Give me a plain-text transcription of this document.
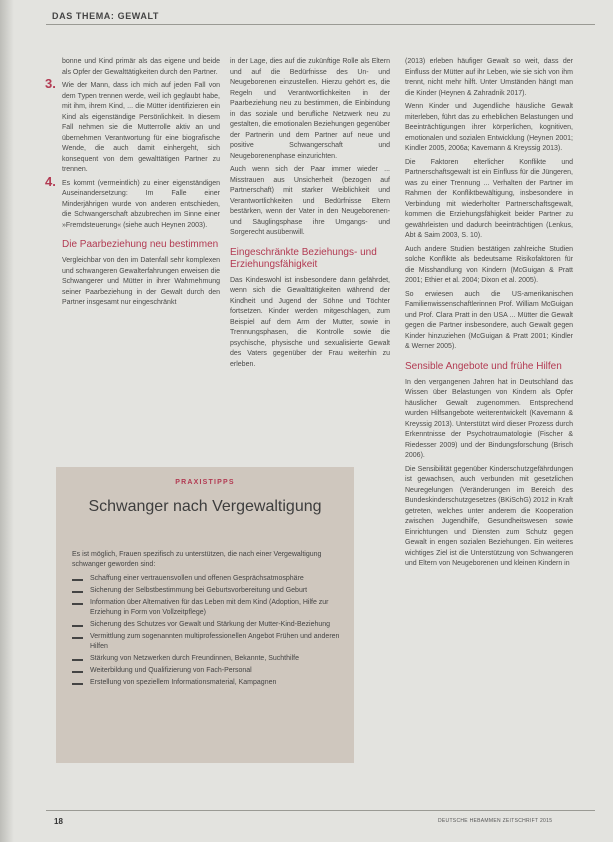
DAS THEMA: GEWALT

bonne und Kind primär als das eigene und beide als Opfer der Gewalttätigkeiten durch den Partner.

3. Wie der Mann, dass ich mich auf jeden Fall von dem Typen trennen werde, weil ich geglaubt habe, mit ihm, ihrem Kind, ... die Mütter identifizieren ein Kind als eigenständige Persönlichkeit. In diesem Fall nehmen sie die Mutterrolle aktiv an und übernehmen Verantwortung für eine biografische Wende, die auch damit einhergeht, sich konsequent von dem gewalttätigen Partner zu trennen.
4. Es kommt (vermeintlich) zu einer eigenständigen Auseinandersetzung: Im Falle einer Minderjährigen wurde von anderen entschieden, die Schwangerschaft abzubrechen im Sinne einer »Fremdsteuerung« (siehe auch Heynen 2003).
Die Paarbeziehung neu bestimmen

Vergleichbar von den im Datenfall sehr komplexen und schwangeren Gewalterfahrungen erweisen die Schwangerer und Mütter in ihrer Wahrnehmung seiner Paarbeziehung in der Gewalt durch den Partner insgesamt nur eingeschränkt

in der Lage, dies auf die zukünftige Rolle als Eltern und auf die Bedürfnisse des Un- und Neugeborenen einzustellen. Hierzu gehört es, die Regeln und Verantwortlichkeiten in der Paarbeziehung neu zu bestimmen, die Einbindung in das soziale und berufliche Netzwerk neu zu gestalten, die emotionalen Beziehungen gegenüber der Partnerin und dem Partner auf neue und positive Schwangerschaft und Neugeborenenphase einzurichten.

Auch wenn sich der Paar immer wieder ... Misstrauen aus Unsicherheit (bezogen auf Partnerschaft) mit starker Weiblichkeit und Verantwortlichkeiten und Bedürfnisse Eltern bestärken, wenn der Vater in den Neugeborenen- und Säuglingsphase ihre Umgangs- und Sorgerecht ausübenwill.

Eingeschränkte Beziehungs- und Erziehungsfähigkeit

Das Kindeswohl ist insbesondere dann gefährdet, wenn sich die Gewalttätigkeiten während der Kindheit und Jugend der Söhne und Töchter fortsetzen. Kinder werden mitgeschlagen, zum Beispiel auf dem Arm der Mutter, sowie in Trennungsphasen, die Kontrolle sowie die psychische, physische und sexualisierte Gewalt des Vaters gegenüber der Frau weiterhin zu erleben.

(2013) erleben häufiger Gewalt so weit, dass der Einfluss der Mütter auf ihr Leben, wie sie sich von ihm trennt, nicht mehr hilft. Unter Umständen hängt man die Kinder (Heynen & Zahradnik 2017).

Wenn Kinder und Jugendliche häusliche Gewalt miterleben, führt das zu erheblichen Belastungen und Beeinträchtigungen ihrer körperlichen, kognitiven, emotionalen und sozialen Entwicklung (Heynen 2001; Kindler 2005, 2006a; Kavemann & Kreyssig 2013).

Die Faktoren elterlicher Konflikte und Partnerschaftsgewalt ist ein Einfluss für die Jüngeren, was zu einer Trennung ... Verhalten der Partner im Rahmen der Konfliktbewältigung, insbesondere in Verbindung mit wiederholter Partnerschaftsgewalt, kommen die Erziehungsfähigkeit beider Partner zu gewährleisten und dadurch beeinträchtigen (Lenkus, Abt & Saim 2003, S. 10).

Auch andere Studien bestätigen zahlreiche Studien solche Konflikte als bedeutsame Risikofaktoren für die Misshandlung von Kindern (McGuigan & Pratt 2001; Ethier et al. 2004; Dixon et al. 2005).

So erwiesen auch die US-amerikanischen Familienwissenschaftlerinnen Prof. William McGuigan und Prof. Clara Pratt in den USA ... Mütter die Gewalt gegen die Partner insbesondere, auch Gewalt gegen Kinder hinzuziehen (McGuigan & Pratt 2001; Kindler & Werner 2005).

Sensible Angebote und frühe Hilfen

In den vergangenen Jahren hat in Deutschland das Wissen über Belastungen von Kindern als Opfer häuslicher Gewalt zugenommen. Entsprechend wurden Hilfsangebote weiterentwickelt (Kavemann & Kreyssig 2013). Unterstützt wird dieser Prozess durch Erkenntnisse der Psychotraumatologie (Fischer & Riedesser 2009) und der Bindungsforschung (Brisch 2006).

Die Sensibilität gegenüber Kinderschutzgefährdungen ist gewachsen, auch verbunden mit gesetzlichen Neuregelungen (Veränderungen im Bereich des Bundeskinderschutzgesetzes (BKiSchG) 2012 in Kraft getreten, welches unter anderem die Kooperation zwischen Jugendhilfe, Gesundheitswesen sowie Einrichtungen und Diensten zum Schutz gegen Gewalt in engen sozialen Beziehungen. Ein weiteres wichtiges Ziel ist die Unterstützung von Schwangeren und Eltern von Neugeborenen und kleinen Kindern in

PRAXISTIPPS
Schwanger nach Vergewaltigung
Es ist möglich, Frauen spezifisch zu unterstützen, die nach einer Vergewaltigung schwanger geworden sind:
Schaffung einer vertrauensvollen und offenen Gesprächsatmosphäre
Sicherung der Selbstbestimmung bei Geburtsvorbereitung und Geburt
Information über Alternativen für das Leben mit dem Kind (Adoption, Hilfe zur Erziehung in Form von Vollzeitpflege)
Sicherung des Schutzes vor Gewalt und Stärkung der Mutter-Kind-Beziehung
Vermittlung zum sogenannten multiprofessionellen Angebot Frühen und anderen Hilfen
Stärkung von Netzwerken durch Freundinnen, Bekannte, Suchthilfe
Weiterbildung und Qualifizierung von Fach-Personal
Erstellung von speziellem Informationsmaterial, Kampagnen
18	DEUTSCHE HEBAMMEN ZEITSCHRIFT 2015
